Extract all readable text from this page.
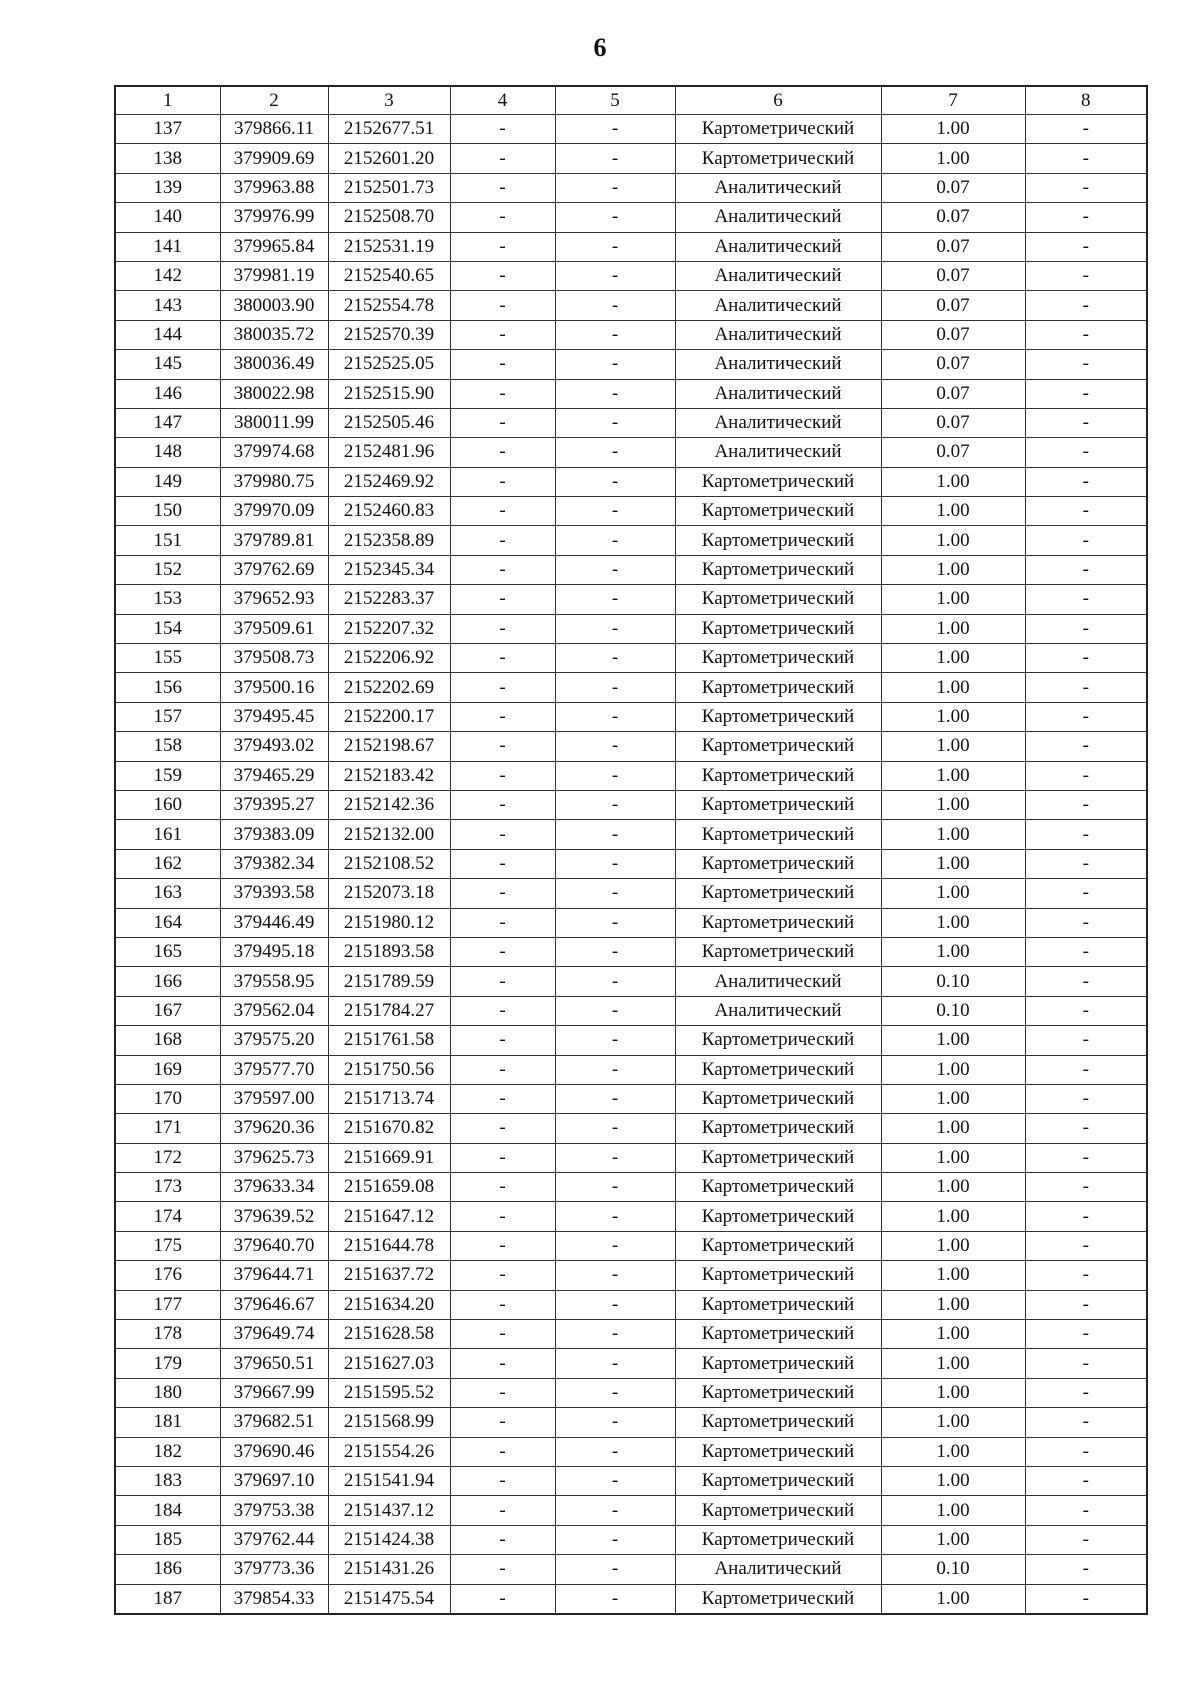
6
1	2	3	4	5	6	7	8
137	379866.11	2152677.51	-	-	Картометрический	1.00	-
138	379909.69	2152601.20	-	-	Картометрический	1.00	-
139	379963.88	2152501.73	-	-	Аналитический	0.07	-
140	379976.99	2152508.70	-	-	Аналитический	0.07	-
141	379965.84	2152531.19	-	-	Аналитический	0.07	-
142	379981.19	2152540.65	-	-	Аналитический	0.07	-
143	380003.90	2152554.78	-	-	Аналитический	0.07	-
144	380035.72	2152570.39	-	-	Аналитический	0.07	-
145	380036.49	2152525.05	-	-	Аналитический	0.07	-
146	380022.98	2152515.90	-	-	Аналитический	0.07	-
147	380011.99	2152505.46	-	-	Аналитический	0.07	-
148	379974.68	2152481.96	-	-	Аналитический	0.07	-
149	379980.75	2152469.92	-	-	Картометрический	1.00	-
150	379970.09	2152460.83	-	-	Картометрический	1.00	-
151	379789.81	2152358.89	-	-	Картометрический	1.00	-
152	379762.69	2152345.34	-	-	Картометрический	1.00	-
153	379652.93	2152283.37	-	-	Картометрический	1.00	-
154	379509.61	2152207.32	-	-	Картометрический	1.00	-
155	379508.73	2152206.92	-	-	Картометрический	1.00	-
156	379500.16	2152202.69	-	-	Картометрический	1.00	-
157	379495.45	2152200.17	-	-	Картометрический	1.00	-
158	379493.02	2152198.67	-	-	Картометрический	1.00	-
159	379465.29	2152183.42	-	-	Картометрический	1.00	-
160	379395.27	2152142.36	-	-	Картометрический	1.00	-
161	379383.09	2152132.00	-	-	Картометрический	1.00	-
162	379382.34	2152108.52	-	-	Картометрический	1.00	-
163	379393.58	2152073.18	-	-	Картометрический	1.00	-
164	379446.49	2151980.12	-	-	Картометрический	1.00	-
165	379495.18	2151893.58	-	-	Картометрический	1.00	-
166	379558.95	2151789.59	-	-	Аналитический	0.10	-
167	379562.04	2151784.27	-	-	Аналитический	0.10	-
168	379575.20	2151761.58	-	-	Картометрический	1.00	-
169	379577.70	2151750.56	-	-	Картометрический	1.00	-
170	379597.00	2151713.74	-	-	Картометрический	1.00	-
171	379620.36	2151670.82	-	-	Картометрический	1.00	-
172	379625.73	2151669.91	-	-	Картометрический	1.00	-
173	379633.34	2151659.08	-	-	Картометрический	1.00	-
174	379639.52	2151647.12	-	-	Картометрический	1.00	-
175	379640.70	2151644.78	-	-	Картометрический	1.00	-
176	379644.71	2151637.72	-	-	Картометрический	1.00	-
177	379646.67	2151634.20	-	-	Картометрический	1.00	-
178	379649.74	2151628.58	-	-	Картометрический	1.00	-
179	379650.51	2151627.03	-	-	Картометрический	1.00	-
180	379667.99	2151595.52	-	-	Картометрический	1.00	-
181	379682.51	2151568.99	-	-	Картометрический	1.00	-
182	379690.46	2151554.26	-	-	Картометрический	1.00	-
183	379697.10	2151541.94	-	-	Картометрический	1.00	-
184	379753.38	2151437.12	-	-	Картометрический	1.00	-
185	379762.44	2151424.38	-	-	Картометрический	1.00	-
186	379773.36	2151431.26	-	-	Аналитический	0.10	-
187	379854.33	2151475.54	-	-	Картометрический	1.00	-
